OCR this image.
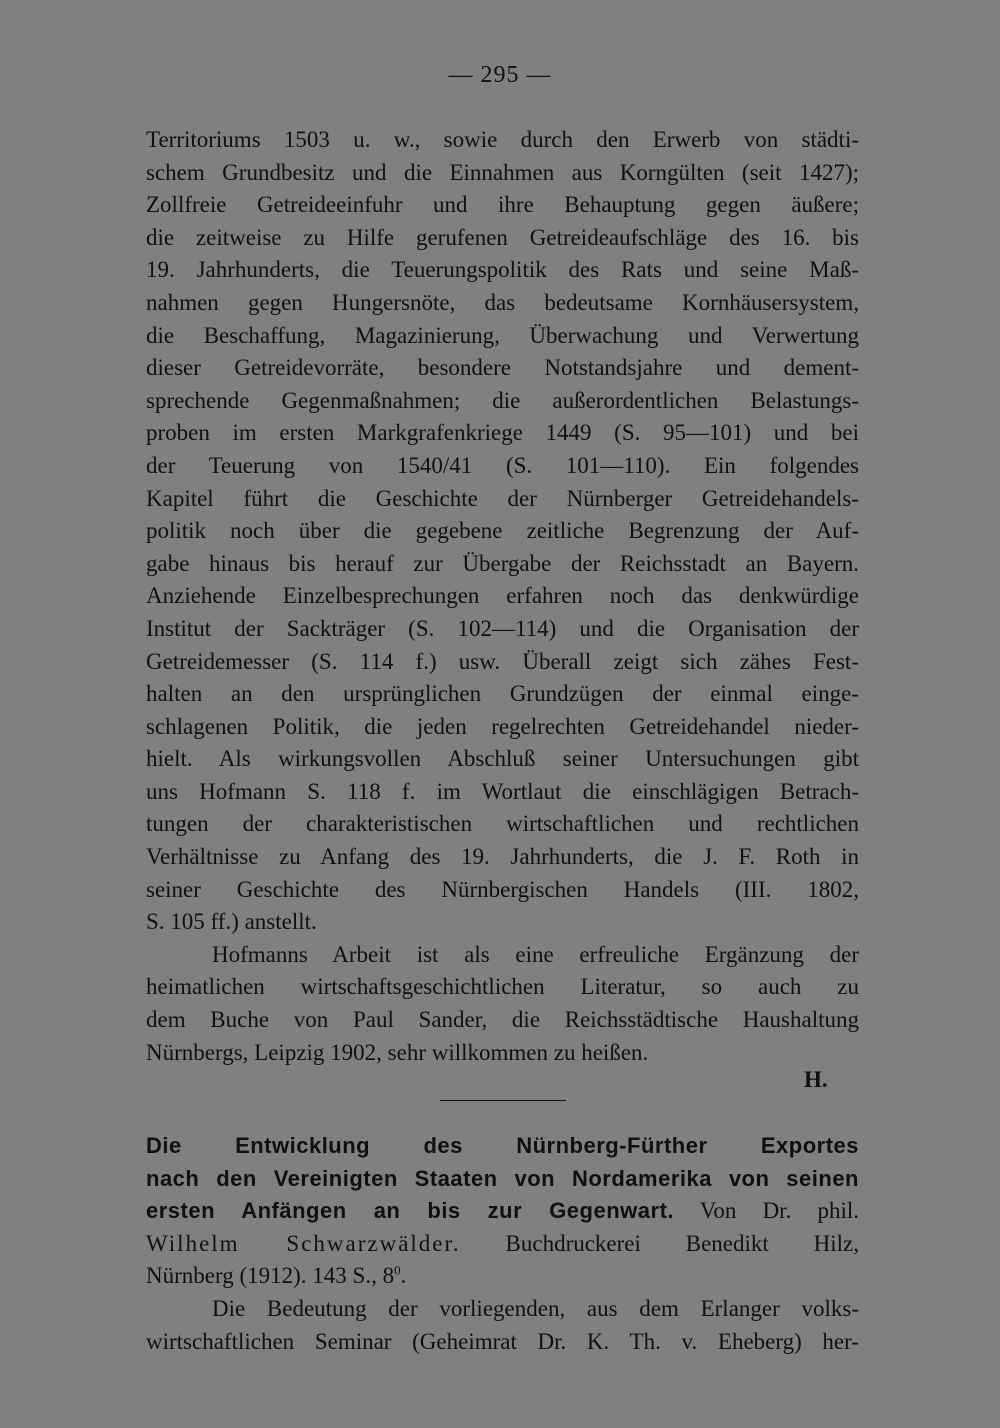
— 295 —
Territoriums 1503 u. w., sowie durch den Erwerb von städti-
schem Grundbesitz und die Einnahmen aus Korngülten (seit 1427);
Zollfreie Getreideeinfuhr und ihre Behauptung gegen äußere;
die zeitweise zu Hilfe gerufenen Getreideaufschläge des 16. bis
19. Jahrhunderts, die Teuerungspolitik des Rats und seine Maß-
nahmen gegen Hungersnöte, das bedeutsame Kornhäusersystem,
die Beschaffung, Magazinierung, Überwachung und Verwertung
dieser Getreidevorräte, besondere Notstandsjahre und dement-
sprechende Gegenmaßnahmen; die außerordentlichen Belastungs-
proben im ersten Markgrafenkriege 1449 (S. 95—101) und bei
der Teuerung von 1540/41 (S. 101—110). Ein folgendes
Kapitel führt die Geschichte der Nürnberger Getreidehandels-
politik noch über die gegebene zeitliche Begrenzung der Auf-
gabe hinaus bis herauf zur Übergabe der Reichsstadt an Bayern.
Anziehende Einzelbesprechungen erfahren noch das denkwürdige
Institut der Sackträger (S. 102—114) und die Organisation der
Getreidemesser (S. 114 f.) usw. Überall zeigt sich zähes Fest-
halten an den ursprünglichen Grundzügen der einmal einge-
schlagenen Politik, die jeden regelrechten Getreidehandel nieder-
hielt. Als wirkungsvollen Abschluß seiner Untersuchungen gibt
uns Hofmann S. 118 f. im Wortlaut die einschlägigen Betrach-
tungen der charakteristischen wirtschaftlichen und rechtlichen
Verhältnisse zu Anfang des 19. Jahrhunderts, die J. F. Roth in
seiner Geschichte des Nürnbergischen Handels (III. 1802,
S. 105 ff.) anstellt.
Hofmanns Arbeit ist als eine erfreuliche Ergänzung der
heimatlichen wirtschaftsgeschichtlichen Literatur, so auch zu
dem Buche von Paul Sander, die Reichsstädtische Haushaltung
Nürnbergs, Leipzig 1902, sehr willkommen zu heißen.
H.
Die Entwicklung des Nürnberg-Fürther Exportes
nach den Vereinigten Staaten von Nordamerika von seinen
ersten Anfängen an bis zur Gegenwart. Von Dr. phil.
Wilhelm Schwarzwälder. Buchdruckerei Benedikt Hilz,
Nürnberg (1912). 143 S., $8^0$.
Die Bedeutung der vorliegenden, aus dem Erlanger volks-
wirtschaftlichen Seminar (Geheimrat Dr. K. Th. v. Eheberg) her-
